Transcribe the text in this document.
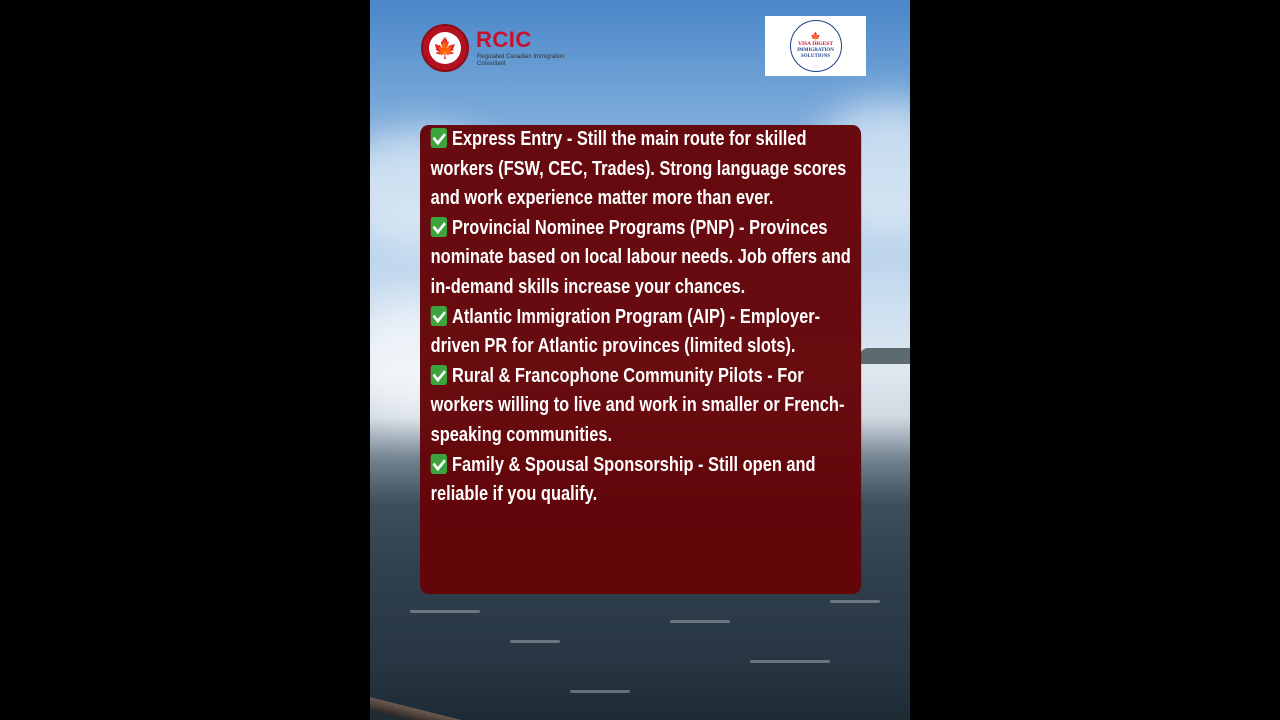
🍁 RCIC
Regulated Canadian Immigration Consultant
🍁
VISA DIGEST
IMMIGRATION
SOLUTIONS

Express Entry - Still the main route for skilled workers (FSW, CEC, Trades). Strong language scores and work experience matter more than ever.

Provincial Nominee Programs (PNP) - Provinces nominate based on local labour needs. Job offers and in-demand skills increase your chances.

Atlantic Immigration Program (AIP) - Employer-driven PR for Atlantic provinces (limited slots).

Rural & Francophone Community Pilots - For workers willing to live and work in smaller or French-speaking communities.

Family & Spousal Sponsorship - Still open and reliable if you qualify.
